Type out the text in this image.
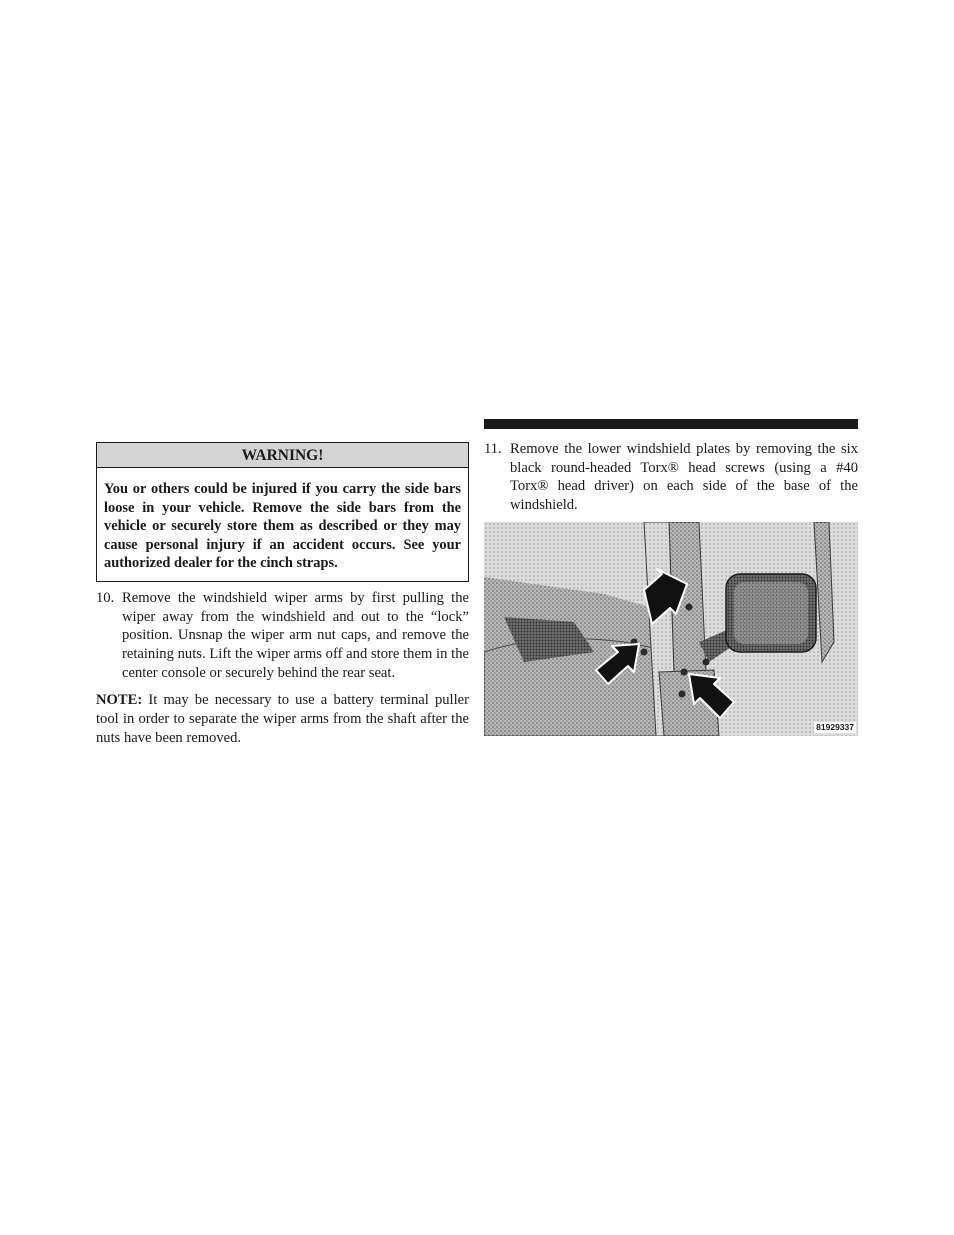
WARNING!
You or others could be injured if you carry the side bars loose in your vehicle. Remove the side bars from the vehicle or securely store them as described or they may cause personal injury if an accident occurs. See your authorized dealer for the cinch straps.
10. Remove the windshield wiper arms by first pulling the wiper away from the windshield and out to the “lock” position. Unsnap the wiper arm nut caps, and remove the retaining nuts. Lift the wiper arms off and store them in the center console or securely behind the rear seat.
NOTE: It may be necessary to use a battery terminal puller tool in order to separate the wiper arms from the shaft after the nuts have been removed.
11. Remove the lower windshield plates by removing the six black round-headed Torx® head screws (using a #40 Torx® head driver) on each side of the base of the windshield.
81929337
